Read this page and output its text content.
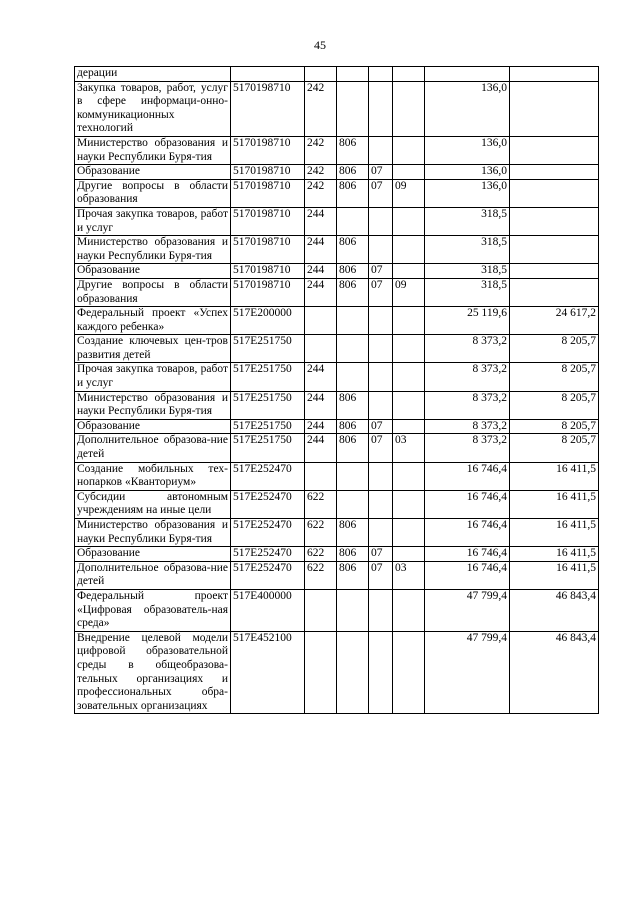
45
дерации							
Закупка товаров, работ, услуг в сфере информаци-онно-коммуникационных технологий	5170198710	242				136,0	
Министерство образования и науки Республики Буря-тия	5170198710	242	806			136,0	
Образование	5170198710	242	806	07		136,0	
Другие вопросы в области образования	5170198710	242	806	07	09	136,0	
Прочая закупка товаров, работ и услуг	5170198710	244				318,5	
Министерство образования и науки Республики Буря-тия	5170198710	244	806			318,5	
Образование	5170198710	244	806	07		318,5	
Другие вопросы в области образования	5170198710	244	806	07	09	318,5	
Федеральный проект «Успех каждого ребенка»	517E200000					25 119,6	24 617,2
Создание ключевых цен-тров развития детей	517E251750					8 373,2	8 205,7
Прочая закупка товаров, работ и услуг	517E251750	244				8 373,2	8 205,7
Министерство образования и науки Республики Буря-тия	517E251750	244	806			8 373,2	8 205,7
Образование	517E251750	244	806	07		8 373,2	8 205,7
Дополнительное образова-ние детей	517E251750	244	806	07	03	8 373,2	8 205,7
Создание мобильных тех-нопарков «Кванториум»	517E252470					16 746,4	16 411,5
Субсидии автономным учреждениям на иные цели	517E252470	622				16 746,4	16 411,5
Министерство образования и науки Республики Буря-тия	517E252470	622	806			16 746,4	16 411,5
Образование	517E252470	622	806	07		16 746,4	16 411,5
Дополнительное образова-ние детей	517E252470	622	806	07	03	16 746,4	16 411,5
Федеральный проект «Цифровая образователь-ная среда»	517E400000					47 799,4	46 843,4
Внедрение целевой модели цифровой образовательной среды в общеобразова-тельных организациях и профессиональных обра-зовательных организациях	517E452100					47 799,4	46 843,4
